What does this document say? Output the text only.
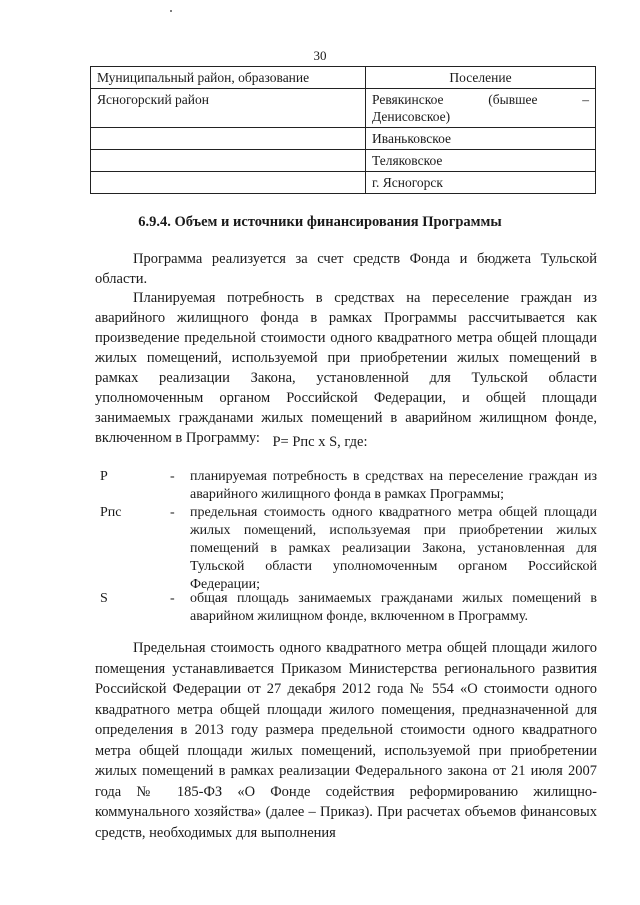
30
Муниципальный район, образование	Поселение
Ясногорский район	Ревякинское (бывшее –
Денисовское)

	Иваньковское
	Теляковское
	г. Ясногорск
6.9.4. Объем и источники финансирования Программы

Программа реализуется за счет средств Фонда и бюджета Тульской области.

Планируемая потребность в средствах на переселение граждан из аварийного жилищного фонда в рамках Программы рассчитывается как произведение предельной стоимости одного квадратного метра общей площади жилых помещений, используемой при приобретении жилых помещений в рамках реализации Закона, установленной для Тульской области уполномоченным органом Российской Федерации, и общей площади занимаемых гражданами жилых помещений в аварийном жилищном фонде, включенном в Программу: P= Pпс x S, где:
P	- планируемая потребность в средствах на переселение граждан из аварийного жилищного фонда в рамках Программы;
Pпс	- предельная стоимость одного квадратного метра общей площади жилых помещений, используемая при приобретении жилых помещений в рамках реализации Закона, установленная для Тульской области уполномоченным органом Российской Федерации;
S	- общая площадь занимаемых гражданами жилых помещений в аварийном жилищном фонде, включенном в Программу.

Предельная стоимость одного квадратного метра общей площади жилого помещения устанавливается Приказом Министерства регионального развития Российской Федерации от 27 декабря 2012 года № 554 «О стоимости одного квадратного метра общей площади жилого помещения, предназначенной для определения в 2013 году размера предельной стоимости одного квадратного метра общей площади жилых помещений, используемой при приобретении жилых помещений в рамках реализации Федерального закона от 21 июля 2007 года № 185-ФЗ «О Фонде содействия реформированию жилищно-коммунального хозяйства» (далее – Приказ). При расчетах объемов финансовых средств, необходимых для выполнения
